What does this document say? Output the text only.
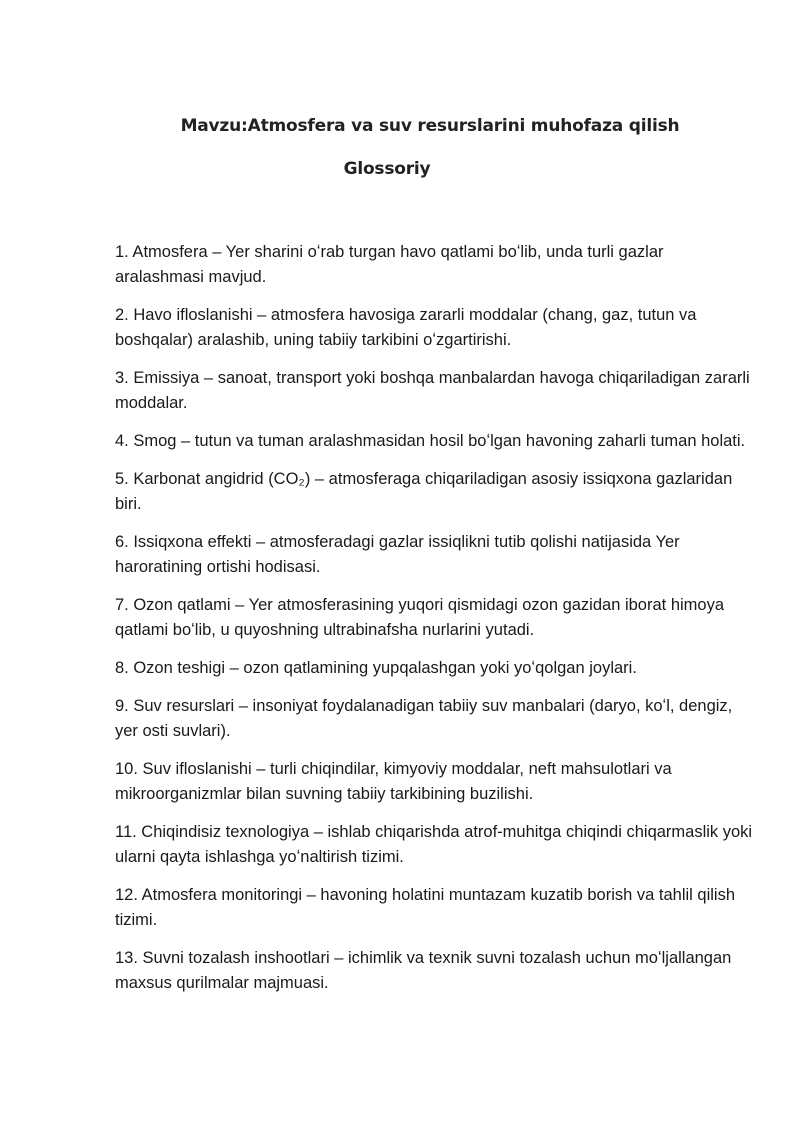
Mavzu:Atmosfera va suv resurslarini muhofaza qilish
Glossoriy
1. Atmosfera – Yer sharini oʻrab turgan havo qatlami boʻlib, unda turli gazlar aralashmasi mavjud.
2. Havo ifloslanishi – atmosfera havosiga zararli moddalar (chang, gaz, tutun va boshqalar) aralashib, uning tabiiy tarkibini oʻzgartirishi.
3. Emissiya – sanoat, transport yoki boshqa manbalardan havoga chiqariladigan zararli moddalar.
4. Smog – tutun va tuman aralashmasidan hosil boʻlgan havoning zaharli tuman holati.
5. Karbonat angidrid (CO₂) – atmosferaga chiqariladigan asosiy issiqxona gazlaridan biri.
6. Issiqxona effekti – atmosferadagi gazlar issiqlikni tutib qolishi natijasida Yer haroratining ortishi hodisasi.
7. Ozon qatlami – Yer atmosferasining yuqori qismidagi ozon gazidan iborat himoya qatlami boʻlib, u quyoshning ultrabinafsha nurlarini yutadi.
8. Ozon teshigi – ozon qatlamining yupqalashgan yoki yoʻqolgan joylari.
9. Suv resurslari – insoniyat foydalanadigan tabiiy suv manbalari (daryo, koʻl, dengiz, yer osti suvlari).
10. Suv ifloslanishi – turli chiqindilar, kimyoviy moddalar, neft mahsulotlari va mikroorganizmlar bilan suvning tabiiy tarkibining buzilishi.
11. Chiqindisiz texnologiya – ishlab chiqarishda atrof-muhitga chiqindi chiqarmaslik yoki ularni qayta ishlashga yoʻnaltirish tizimi.
12. Atmosfera monitoringi – havoning holatini muntazam kuzatib borish va tahlil qilish tizimi.
13. Suvni tozalash inshootlari – ichimlik va texnik suvni tozalash uchun moʻljallangan maxsus qurilmalar majmuasi.
